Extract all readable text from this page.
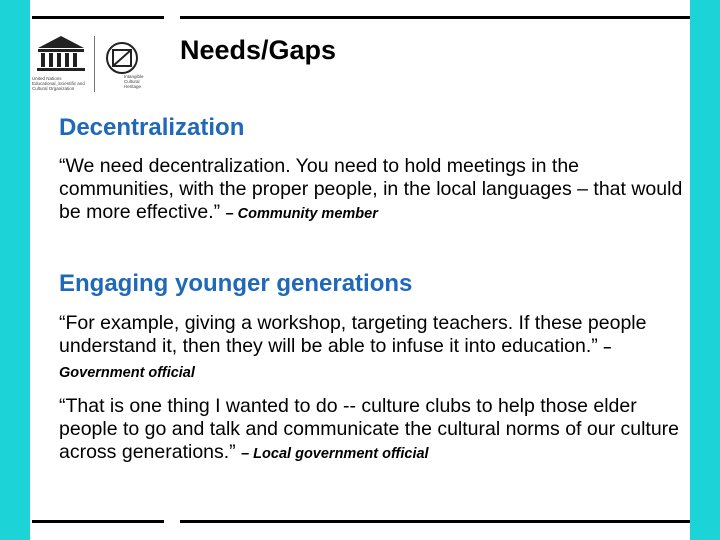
United Nations
Educational, Scientific and
Cultural Organization
Intangible
Cultural
Heritage
Needs/Gaps
Decentralization

“We need decentralization. You need to hold meetings in the communities, with the proper people, in the local languages – that would be more effective.” – Community member

Engaging younger generations

“For example, giving a workshop, targeting teachers. If these people understand it, then they will be able to infuse it into education.” – Government official

“That is one thing I wanted to do -- culture clubs to help those elder people to go and talk and communicate the cultural norms of our culture across generations.” – Local government official
